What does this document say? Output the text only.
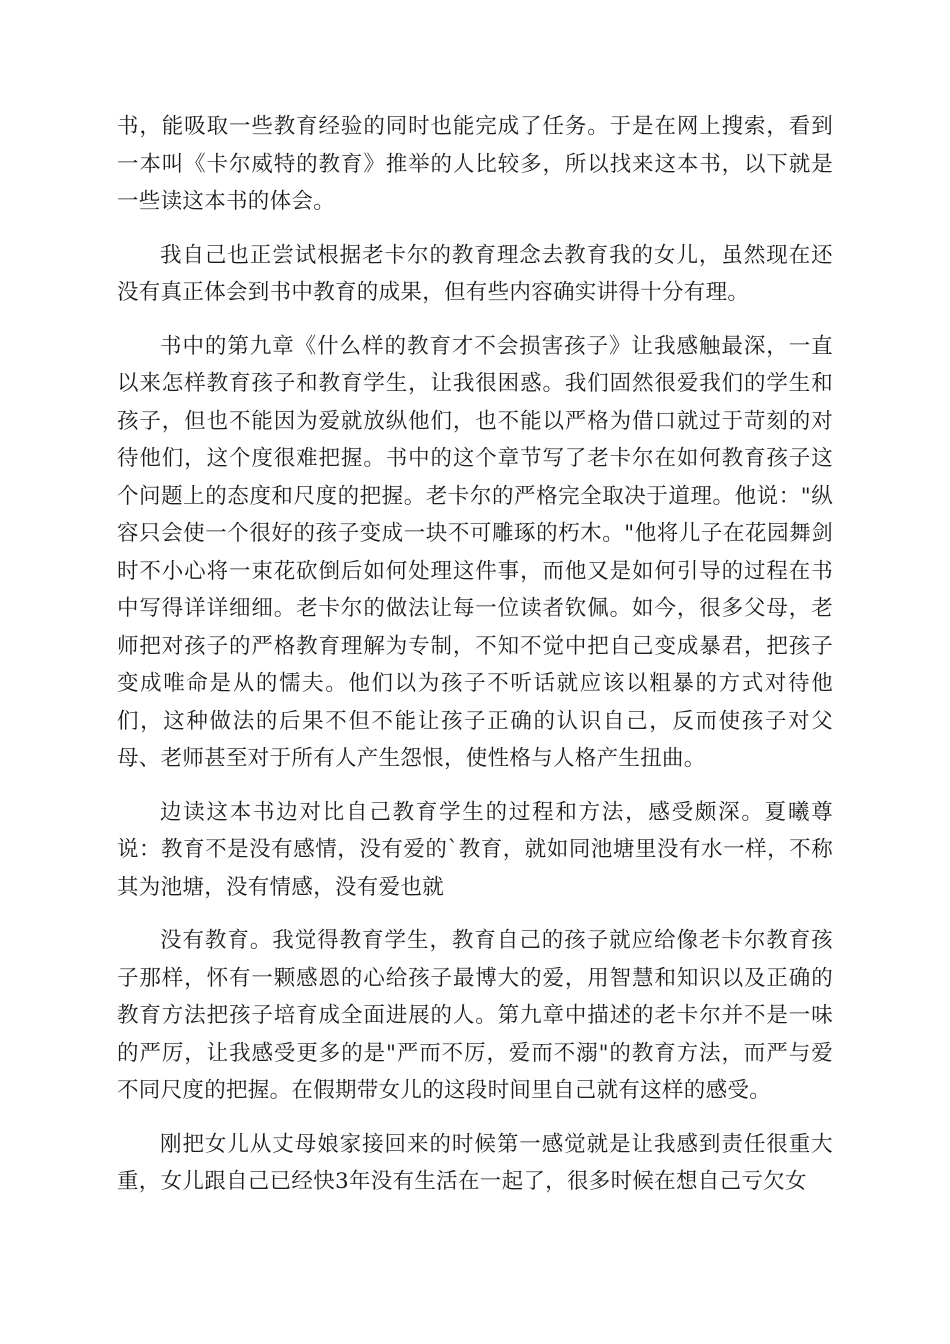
书，能吸取一些教育经验的同时也能完成了任务。于是在网上搜索，看到一本叫《卡尔威特的教育》推举的人比较多，所以找来这本书，以下就是一些读这本书的体会。

我自己也正尝试根据老卡尔的教育理念去教育我的女儿，虽然现在还没有真正体会到书中教育的成果，但有些内容确实讲得十分有理。

书中的第九章《什么样的教育才不会损害孩子》让我感触最深，一直以来怎样教育孩子和教育学生，让我很困惑。我们固然很爱我们的学生和孩子，但也不能因为爱就放纵他们，也不能以严格为借口就过于苛刻的对待他们，这个度很难把握。书中的这个章节写了老卡尔在如何教育孩子这个问题上的态度和尺度的把握。老卡尔的严格完全取决于道理。他说："纵容只会使一个很好的孩子变成一块不可雕琢的朽木。"他将儿子在花园舞剑时不小心将一束花砍倒后如何处理这件事，而他又是如何引导的过程在书中写得详详细细。老卡尔的做法让每一位读者钦佩。如今，很多父母，老师把对孩子的严格教育理解为专制，不知不觉中把自己变成暴君，把孩子变成唯命是从的懦夫。他们以为孩子不听话就应该以粗暴的方式对待他们，这种做法的后果不但不能让孩子正确的认识自己，反而使孩子对父母、老师甚至对于所有人产生怨恨，使性格与人格产生扭曲。

边读这本书边对比自己教育学生的过程和方法，感受颇深。夏曦尊说：教育不是没有感情，没有爱的`教育，就如同池塘里没有水一样，不称其为池塘，没有情感，没有爱也就

没有教育。我觉得教育学生，教育自己的孩子就应给像老卡尔教育孩子那样，怀有一颗感恩的心给孩子最博大的爱，用智慧和知识以及正确的教育方法把孩子培育成全面进展的人。第九章中描述的老卡尔并不是一味的严厉，让我感受更多的是"严而不厉，爱而不溺"的教育方法，而严与爱不同尺度的把握。在假期带女儿的这段时间里自己就有这样的感受。

刚把女儿从丈母娘家接回来的时候第一感觉就是让我感到责任很重大重，女儿跟自己已经快3年没有生活在一起了，很多时候在想自己亏欠女
